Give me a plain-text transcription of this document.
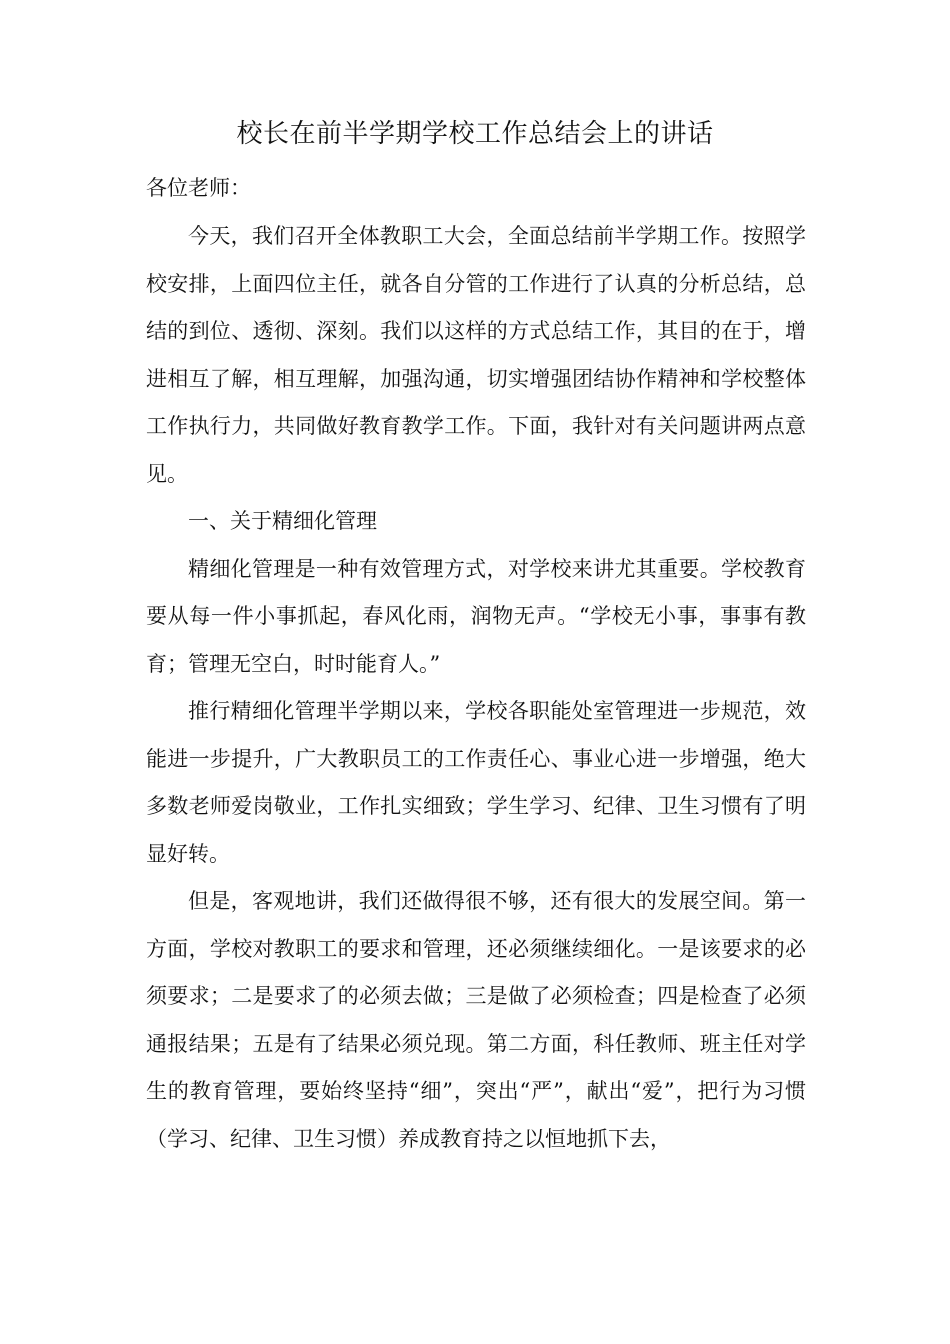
校长在前半学期学校工作总结会上的讲话
各位老师：

今天，我们召开全体教职工大会，全面总结前半学期工作。按照学校安排，上面四位主任，就各自分管的工作进行了认真的分析总结，总结的到位、透彻、深刻。我们以这样的方式总结工作，其目的在于，增进相互了解，相互理解，加强沟通，切实增强团结协作精神和学校整体工作执行力，共同做好教育教学工作。下面，我针对有关问题讲两点意见。

一、关于精细化管理

精细化管理是一种有效管理方式，对学校来讲尤其重要。学校教育要从每一件小事抓起，春风化雨，润物无声。“学校无小事，事事有教育；管理无空白，时时能育人。”

推行精细化管理半学期以来，学校各职能处室管理进一步规范，效能进一步提升，广大教职员工的工作责任心、事业心进一步增强，绝大多数老师爱岗敬业，工作扎实细致；学生学习、纪律、卫生习惯有了明显好转。

但是，客观地讲，我们还做得很不够，还有很大的发展空间。第一方面，学校对教职工的要求和管理，还必须继续细化。一是该要求的必须要求；二是要求了的必须去做；三是做了必须检查；四是检查了必须通报结果；五是有了结果必须兑现。第二方面，科任教师、班主任对学生的教育管理，要始终坚持“细”，突出“严”，献出“爱”，把行为习惯（学习、纪律、卫生习惯）养成教育持之以恒地抓下去，
